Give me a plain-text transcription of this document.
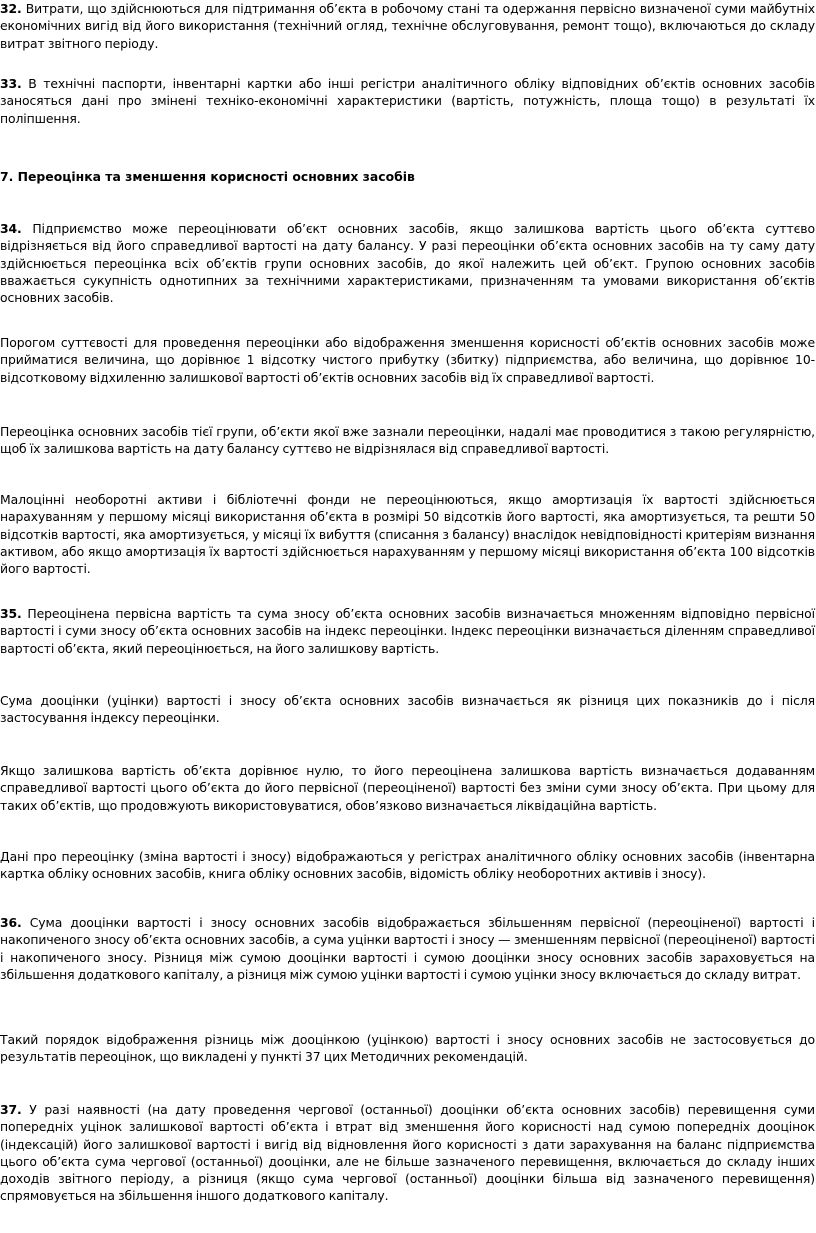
32. Витрати, що здійснюються для підтримання об’єкта в робочому стані та одержання первісно визначеної суми майбутніх економічних вигід від його використання (технічний огляд, технічне обслуговування, ремонт тощо), включаються до складу витрат звітного періоду.

33. В технічні паспорти, інвентарні картки або інші регістри аналітичного обліку відповідних об’єктів основних засобів заносяться дані про змінені техніко-економічні характеристики (вартість, потужність, площа тощо) в результаті їх поліпшення.

7. Переоцінка та зменшення корисності основних засобів

34. Підприємство може переоцінювати об’єкт основних засобів, якщо залишкова вартість цього об’єкта суттєво відрізняється від його справедливої вартості на дату балансу. У разі переоцінки об’єкта основних засобів на ту саму дату здійснюється переоцінка всіх об’єктів групи основних засобів, до якої належить цей об’єкт. Групою основних засобів вважається сукупність однотипних за технічними характеристиками, призначенням та умовами використання об’єктів основних засобів.

Порогом суттєвості для проведення переоцінки або відображення зменшення корисності об’єктів основних засобів може прийматися величина, що дорівнює 1 відсотку чистого прибутку (збитку) підприємства, або величина, що дорівнює 10-відсотковому відхиленню залишкової вартості об’єктів основних засобів від їх справедливої вартості.

Переоцінка основних засобів тієї групи, об’єкти якої вже зазнали переоцінки, надалі має проводитися з такою регулярністю, щоб їх залишкова вартість на дату балансу суттєво не відрізнялася від справедливої вартості.

Малоцінні необоротні активи і бібліотечні фонди не переоцінюються, якщо амортизація їх вартості здійснюється нарахуванням у першому місяці використання об’єкта в розмірі 50 відсотків його вартості, яка амортизується, та решти 50 відсотків вартості, яка амортизується, у місяці їх вибуття (списання з балансу) внаслідок невідповідності критеріям визнання активом, або якщо амортизація їх вартості здійснюється нарахуванням у першому місяці використання об’єкта 100 відсотків його вартості.

35. Переоцінена первісна вартість та сума зносу об’єкта основних засобів визначається множенням відповідно первісної вартості і суми зносу об’єкта основних засобів на індекс переоцінки. Індекс переоцінки визначається діленням справедливої вартості об’єкта, який переоцінюється, на його залишкову вартість.

Сума дооцінки (уцінки) вартості і зносу об’єкта основних засобів визначається як різниця цих показників до і після застосування індексу переоцінки.

Якщо залишкова вартість об’єкта дорівнює нулю, то його переоцінена залишкова вартість визначається додаванням справедливої вартості цього об’єкта до його первісної (переоціненої) вартості без зміни суми зносу об’єкта. При цьому для таких об’єктів, що продовжують використовуватися, обов’язково визначається ліквідаційна вартість.

Дані про переоцінку (зміна вартості і зносу) відображаються у регістрах аналітичного обліку основних засобів (інвентарна картка обліку основних засобів, книга обліку основних засобів, відомість обліку необоротних активів і зносу).

36. Сума дооцінки вартості і зносу основних засобів відображається збільшенням первісної (переоціненої) вартості і накопиченого зносу об’єкта основних засобів, а сума уцінки вартості і зносу — зменшенням первісної (переоціненої) вартості і накопиченого зносу. Різниця між сумою дооцінки вартості і сумою дооцінки зносу основних засобів зараховується на збільшення додаткового капіталу, а різниця між сумою уцінки вартості і сумою уцінки зносу включається до складу витрат.

Такий порядок відображення різниць між дооцінкою (уцінкою) вартості і зносу основних засобів не застосовується до результатів переоцінок, що викладені у пункті 37 цих Методичних рекомендацій.

37. У разі наявності (на дату проведення чергової (останньої) дооцінки об’єкта основних засобів) перевищення суми попередніх уцінок залишкової вартості об’єкта і втрат від зменшення його корисності над сумою попередніх дооцінок (індексацій) його залишкової вартості і вигід від відновлення його корисності з дати зарахування на баланс підприємства цього об’єкта сума чергової (останньої) дооцінки, але не більше зазначеного перевищення, включається до складу інших доходів звітного періоду, а різниця (якщо сума чергової (останньої) дооцінки більша від зазначеного перевищення) спрямовується на збільшення іншого додаткового капіталу.
